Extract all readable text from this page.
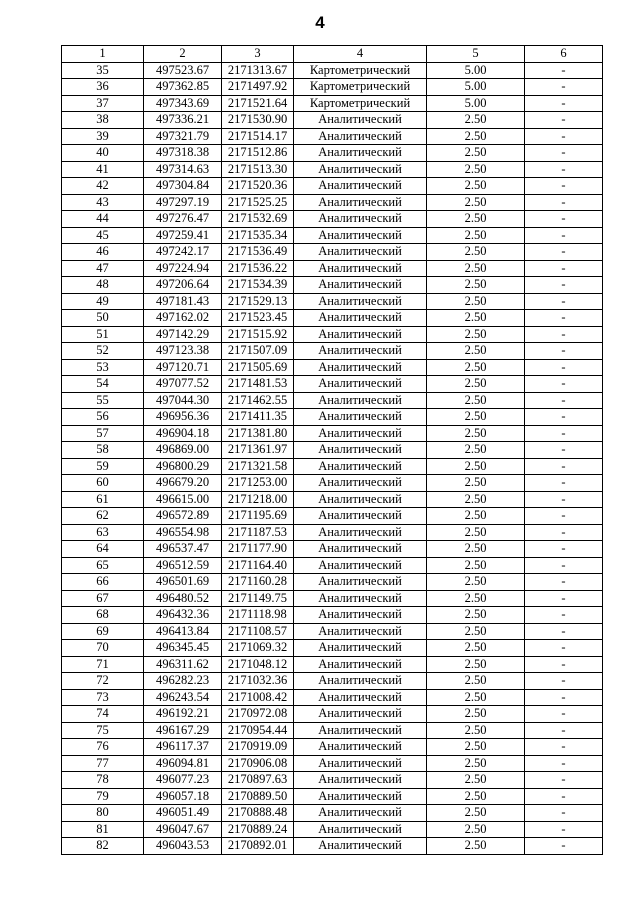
4
1	2	3	4	5	6
35	497523.67	2171313.67	Картометрический	5.00	-
36	497362.85	2171497.92	Картометрический	5.00	-
37	497343.69	2171521.64	Картометрический	5.00	-
38	497336.21	2171530.90	Аналитический	2.50	-
39	497321.79	2171514.17	Аналитический	2.50	-
40	497318.38	2171512.86	Аналитический	2.50	-
41	497314.63	2171513.30	Аналитический	2.50	-
42	497304.84	2171520.36	Аналитический	2.50	-
43	497297.19	2171525.25	Аналитический	2.50	-
44	497276.47	2171532.69	Аналитический	2.50	-
45	497259.41	2171535.34	Аналитический	2.50	-
46	497242.17	2171536.49	Аналитический	2.50	-
47	497224.94	2171536.22	Аналитический	2.50	-
48	497206.64	2171534.39	Аналитический	2.50	-
49	497181.43	2171529.13	Аналитический	2.50	-
50	497162.02	2171523.45	Аналитический	2.50	-
51	497142.29	2171515.92	Аналитический	2.50	-
52	497123.38	2171507.09	Аналитический	2.50	-
53	497120.71	2171505.69	Аналитический	2.50	-
54	497077.52	2171481.53	Аналитический	2.50	-
55	497044.30	2171462.55	Аналитический	2.50	-
56	496956.36	2171411.35	Аналитический	2.50	-
57	496904.18	2171381.80	Аналитический	2.50	-
58	496869.00	2171361.97	Аналитический	2.50	-
59	496800.29	2171321.58	Аналитический	2.50	-
60	496679.20	2171253.00	Аналитический	2.50	-
61	496615.00	2171218.00	Аналитический	2.50	-
62	496572.89	2171195.69	Аналитический	2.50	-
63	496554.98	2171187.53	Аналитический	2.50	-
64	496537.47	2171177.90	Аналитический	2.50	-
65	496512.59	2171164.40	Аналитический	2.50	-
66	496501.69	2171160.28	Аналитический	2.50	-
67	496480.52	2171149.75	Аналитический	2.50	-
68	496432.36	2171118.98	Аналитический	2.50	-
69	496413.84	2171108.57	Аналитический	2.50	-
70	496345.45	2171069.32	Аналитический	2.50	-
71	496311.62	2171048.12	Аналитический	2.50	-
72	496282.23	2171032.36	Аналитический	2.50	-
73	496243.54	2171008.42	Аналитический	2.50	-
74	496192.21	2170972.08	Аналитический	2.50	-
75	496167.29	2170954.44	Аналитический	2.50	-
76	496117.37	2170919.09	Аналитический	2.50	-
77	496094.81	2170906.08	Аналитический	2.50	-
78	496077.23	2170897.63	Аналитический	2.50	-
79	496057.18	2170889.50	Аналитический	2.50	-
80	496051.49	2170888.48	Аналитический	2.50	-
81	496047.67	2170889.24	Аналитический	2.50	-
82	496043.53	2170892.01	Аналитический	2.50	-
